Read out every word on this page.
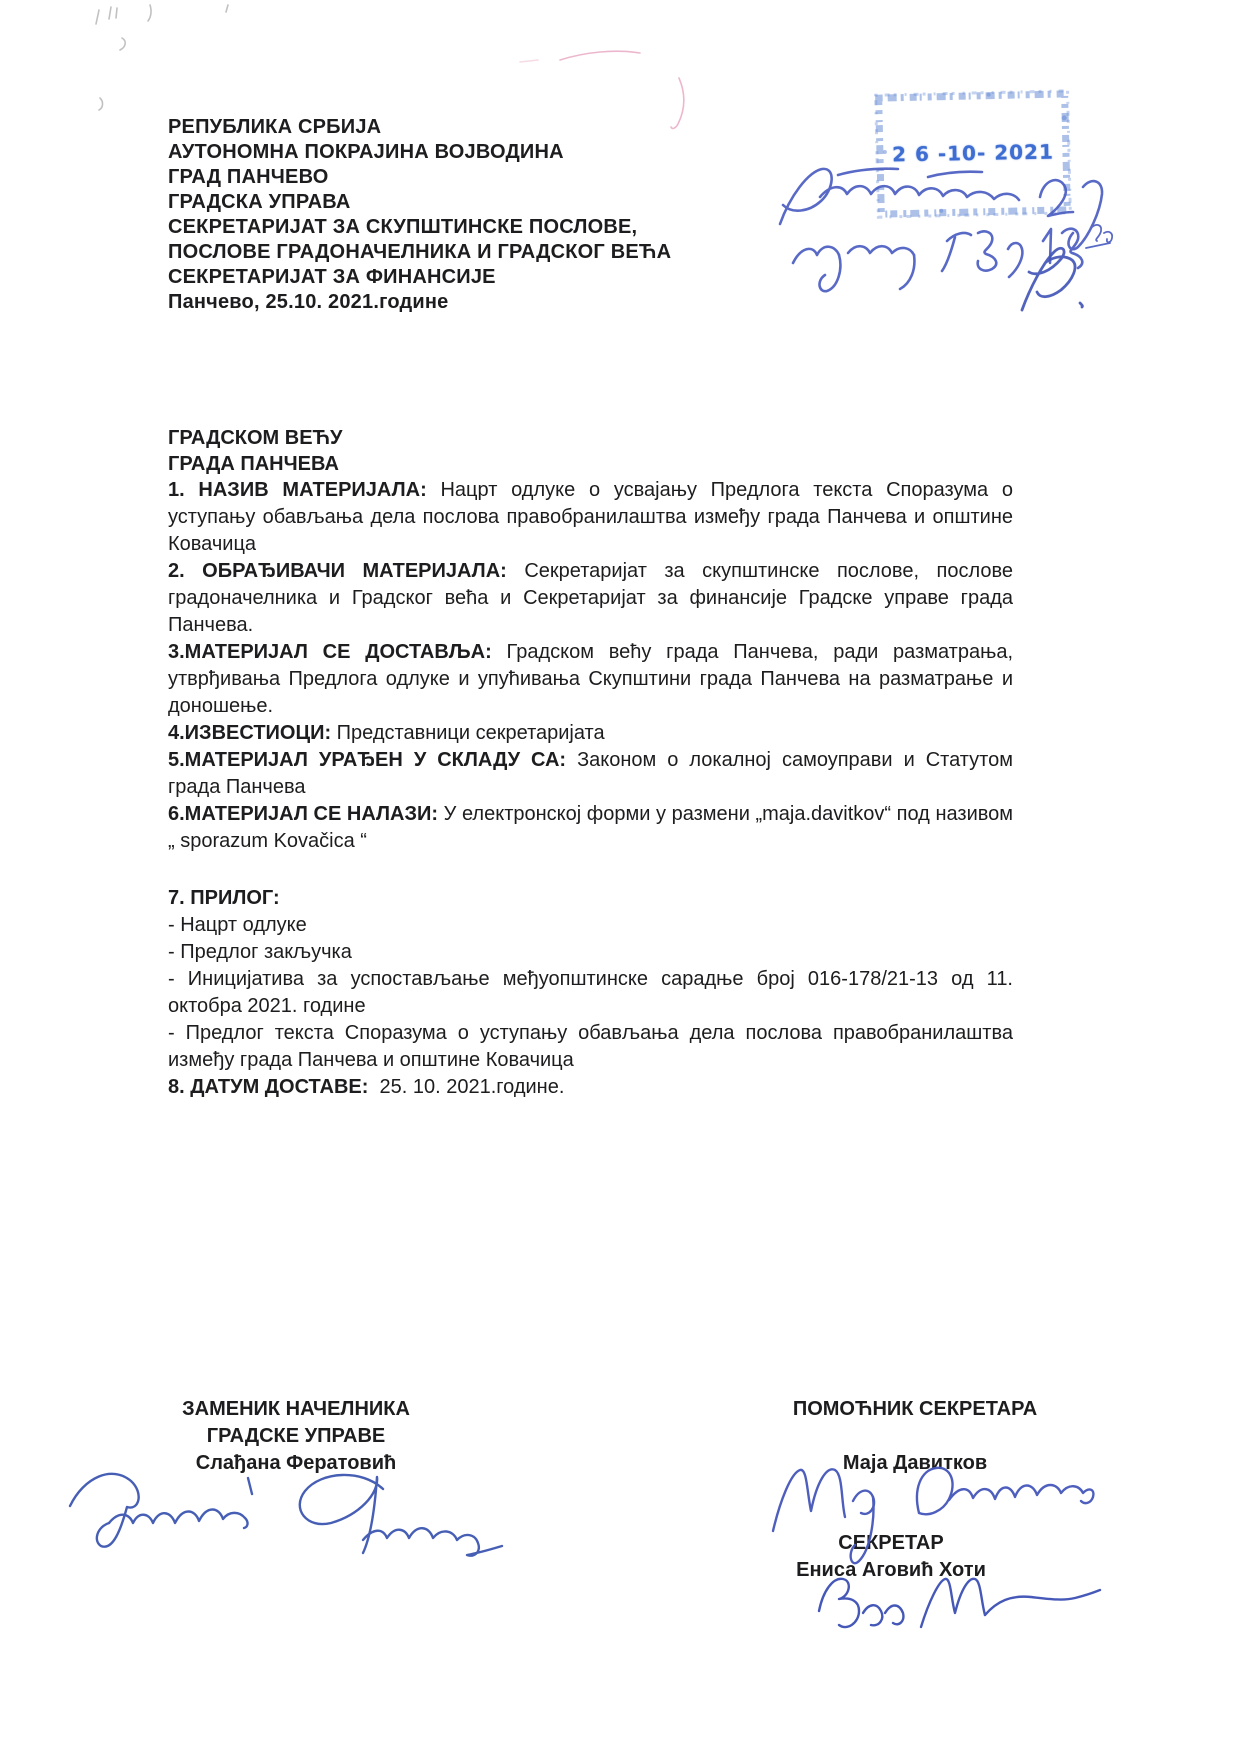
РЕПУБЛИКА СРБИЈА
АУТОНОМНА ПОКРАЈИНА ВОЈВОДИНА
ГРАД ПАНЧЕВО
ГРАДСКА УПРАВА
СЕКРЕТАРИЈАТ ЗА СКУПШТИНСКЕ ПОСЛОВЕ,
ПОСЛОВЕ ГРАДОНАЧЕЛНИКА И ГРАДСКОГ ВЕЋА
СЕКРЕТАРИЈАТ ЗА ФИНАНСИЈЕ
Панчево, 25.10. 2021.године
2 6 -10- 2021
ГРАДСКОМ ВЕЋУ
ГРАДА ПАНЧЕВА

1. НАЗИВ МАТЕРИЈАЛА: Нацрт одлуке о усвајању Предлога текста Споразума о уступању обављања дела послова правобранилаштва између града Панчева и општине Ковачица

2. ОБРАЂИВАЧИ МАТЕРИЈАЛА: Секретаријат за скупштинске послове, послове градоначелника и Градског већа и Секретаријат за финансије Градске управе града Панчева.

3.МАТЕРИЈАЛ СЕ ДОСТАВЉА: Градском већу града Панчева, ради разматрања, утврђивања Предлога одлуке и упућивања Скупштини града Панчева на разматрање и доношење.

4.ИЗВЕСТИОЦИ: Представници секретаријата

5.МАТЕРИЈАЛ УРАЂЕН У СКЛАДУ СА: Законом о локалној самоуправи и Статутом града Панчева

6.МАТЕРИЈАЛ СЕ НАЛАЗИ: У електронској форми у размени „maja.davitkov“ под називом „ sporazum Kovačica “

7. ПРИЛОГ:
- Нацрт одлуке
- Предлог закључка
- Иницијатива за успостављање међуопштинске сарадње број 016-178/21-13 од 11. октобра 2021. године
- Предлог текста Споразума о уступању обављања дела послова правобранилаштва између града Панчева и општине Ковачица

8. ДАТУМ ДОСТАВЕ: 25. 10. 2021.године.

ЗАМЕНИК НАЧЕЛНИКА
ГРАДСКЕ УПРАВЕ
Слађана Фератовић
ПОМОЋНИК СЕКРЕТАРА
Маја Давитков
СЕКРЕТАР
Ениса Аговић Хоти
